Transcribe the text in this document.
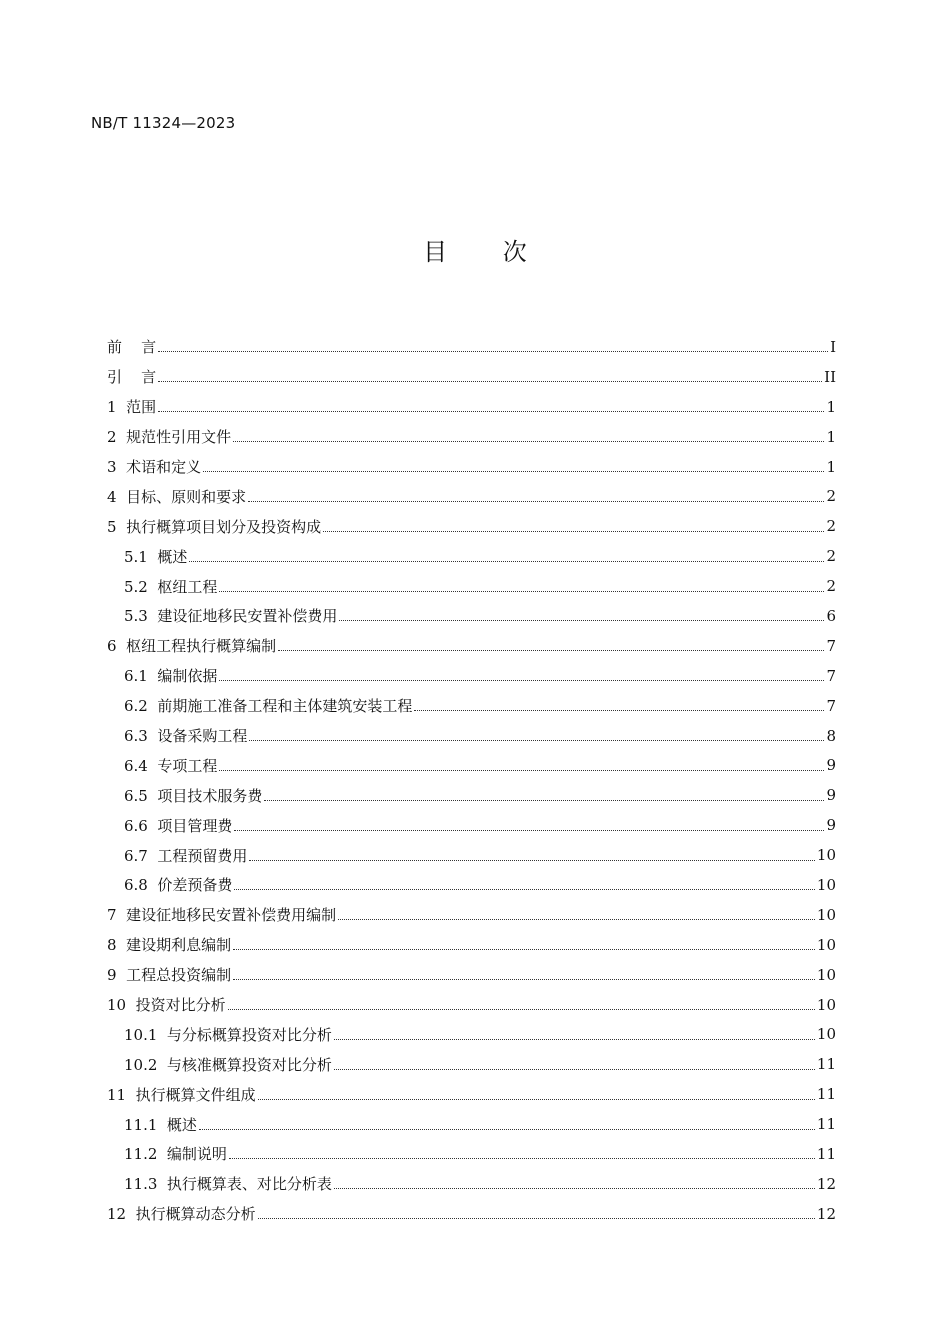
NB/T 11324—2023
目 次
前    言	I
引    言	II
1  范围	1
2  规范性引用文件	1
3  术语和定义	1
4  目标、原则和要求	2
5  执行概算项目划分及投资构成	2
5.1  概述	2
5.2  枢纽工程	2
5.3  建设征地移民安置补偿费用	6
6  枢纽工程执行概算编制	7
6.1  编制依据	7
6.2  前期施工准备工程和主体建筑安装工程	7
6.3  设备采购工程	8
6.4  专项工程	9
6.5  项目技术服务费	9
6.6  项目管理费	9
6.7  工程预留费用	10
6.8  价差预备费	10
7  建设征地移民安置补偿费用编制	10
8  建设期利息编制	10
9  工程总投资编制	10
10  投资对比分析	10
10.1  与分标概算投资对比分析	10
10.2  与核准概算投资对比分析	11
11  执行概算文件组成	11
11.1  概述	11
11.2  编制说明	11
11.3  执行概算表、对比分析表	12
12  执行概算动态分析	12
